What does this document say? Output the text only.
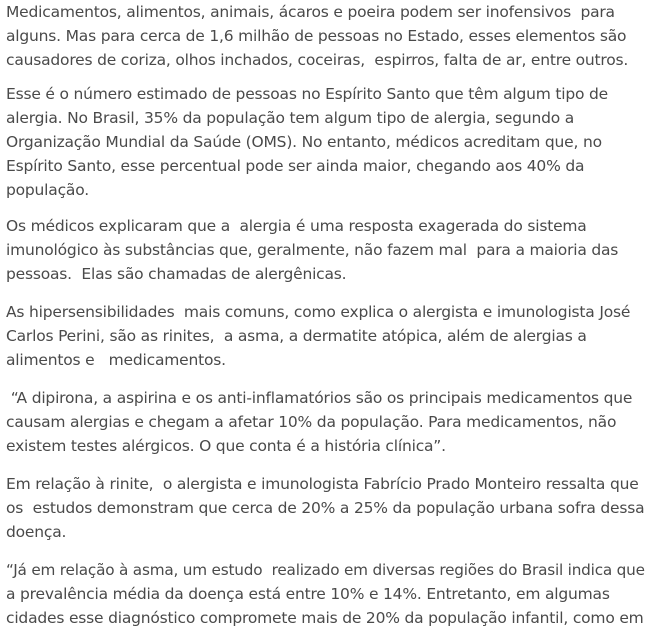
Medicamentos, alimentos, animais, ácaros e poeira podem ser inofensivos  para
alguns. Mas para cerca de 1,6 milhão de pessoas no Estado, esses elementos são
causadores de coriza, olhos inchados, coceiras,  espirros, falta de ar, entre outros.

Esse é o número estimado de pessoas no Espírito Santo que têm algum tipo de
alergia. No Brasil, 35% da população tem algum tipo de alergia, segundo a
Organização Mundial da Saúde (OMS). No entanto, médicos acreditam que, no
Espírito Santo, esse percentual pode ser ainda maior, chegando aos 40% da
população.

Os médicos explicaram que a  alergia é uma resposta exagerada do sistema
imunológico às substâncias que, geralmente, não fazem mal  para a maioria das
pessoas.  Elas são chamadas de alergênicas.

As hipersensibilidades  mais comuns, como explica o alergista e imunologista José
Carlos Perini, são as rinites,  a asma, a dermatite atópica, além de alergias a
alimentos e   medicamentos.

“A dipirona, a aspirina e os anti-inflamatórios são os principais medicamentos que
causam alergias e chegam a afetar 10% da população. Para medicamentos, não
existem testes alérgicos. O que conta é a história clínica”.

Em relação à rinite,  o alergista e imunologista Fabrício Prado Monteiro ressalta que
os  estudos demonstram que cerca de 20% a 25% da população urbana sofra dessa
doença.

“Já em relação à asma, um estudo  realizado em diversas regiões do Brasil indica que
a prevalência média da doença está entre 10% e 14%. Entretanto, em algumas
cidades esse diagnóstico compromete mais de 20% da população infantil, como em
